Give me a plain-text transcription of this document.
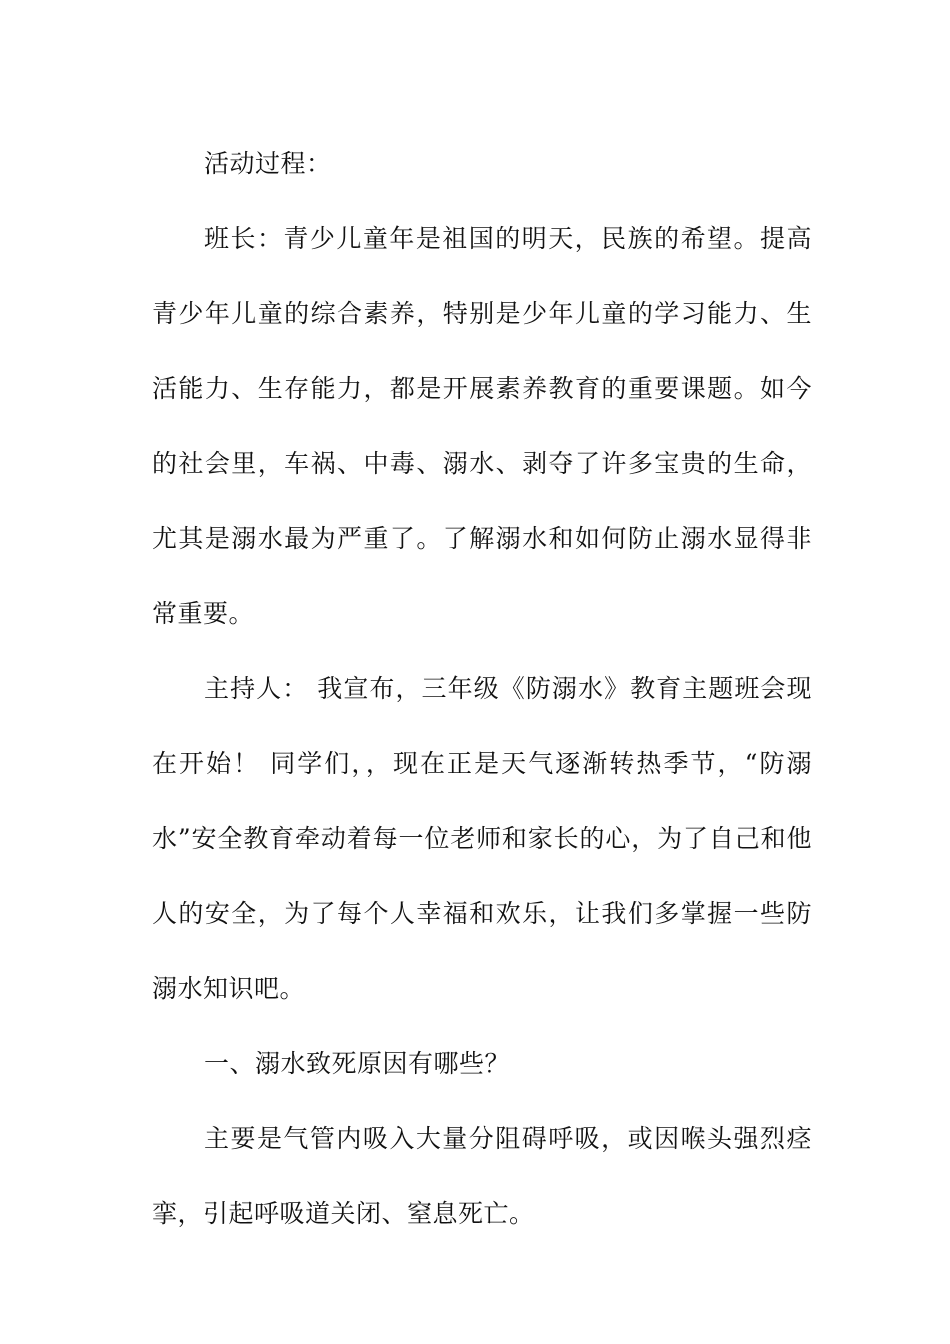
活动过程：

班长：青少儿童年是祖国的明天，民族的希望。提高青少年儿童的综合素养，特别是少年儿童的学习能力、生活能力、生存能力，都是开展素养教育的重要课题。如今的社会里，车祸、中毒、溺水、剥夺了许多宝贵的生命，尤其是溺水最为严重了。了解溺水和如何防止溺水显得非常重要。

主持人： 我宣布，三年级《防溺水》教育主题班会现在开始！ 同学们，，现在正是天气逐渐转热季节，“防溺水”安全教育牵动着每一位老师和家长的心，为了自己和他人的安全，为了每个人幸福和欢乐，让我们多掌握一些防溺水知识吧。

一、溺水致死原因有哪些？

主要是气管内吸入大量分阻碍呼吸，或因喉头强烈痉挛，引起呼吸道关闭、窒息死亡。
